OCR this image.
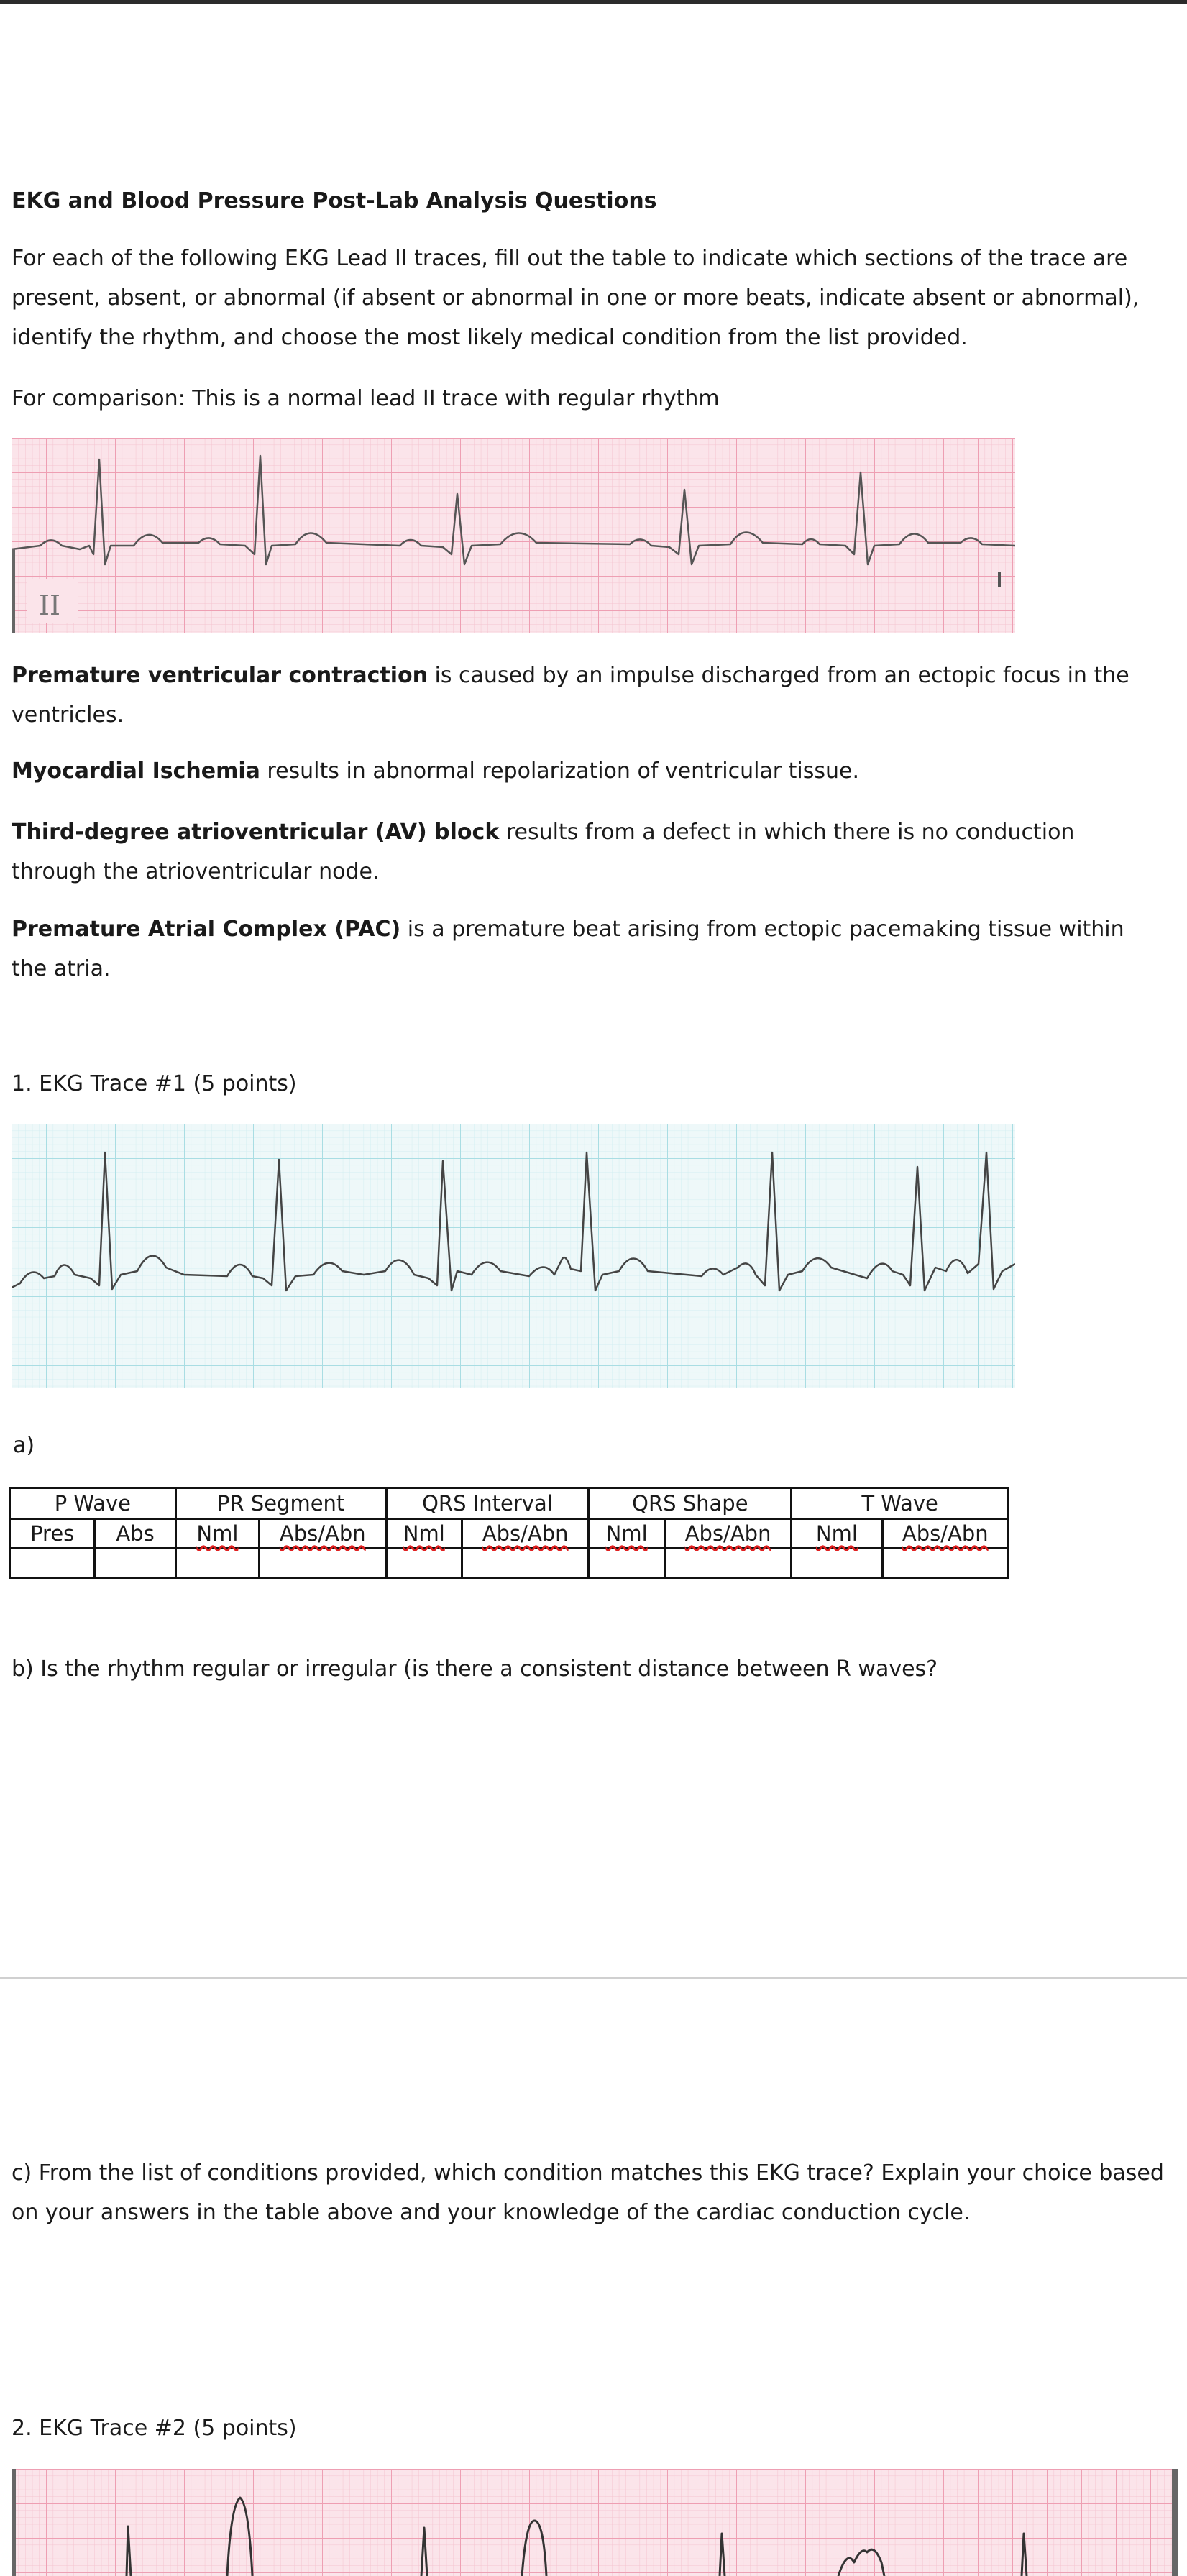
EKG and Blood Pressure Post-Lab Analysis Questions

For each of the following EKG Lead II traces, fill out the table to indicate which sections of the trace are present, absent, or abnormal (if absent or abnormal in one or more beats, indicate absent or abnormal), identify the rhythm, and choose the most likely medical condition from the list provided.

For comparison: This is a normal lead II trace with regular rhythm

II

Premature ventricular contraction is caused by an impulse discharged from an ectopic focus in the ventricles.

Myocardial Ischemia results in abnormal repolarization of ventricular tissue.

Third-degree atrioventricular (AV) block results from a defect in which there is no conduction through the atrioventricular node.

Premature Atrial Complex (PAC) is a premature beat arising from ectopic pacemaking tissue within the atria.

1. EKG Trace #1 (5 points)

a)
P Wave		PR Segment		QRS Interval		QRS Shape		T Wave	
Pres	Abs	Nml	Abs/Abn	Nml	Abs/Abn	Nml	Abs/Abn	Nml	Abs/Abn

b) Is the rhythm regular or irregular (is there a consistent distance between R waves?

c) From the list of conditions provided, which condition matches this EKG trace? Explain your choice based on your answers in the table above and your knowledge of the cardiac conduction cycle.

2. EKG Trace #2 (5 points)
